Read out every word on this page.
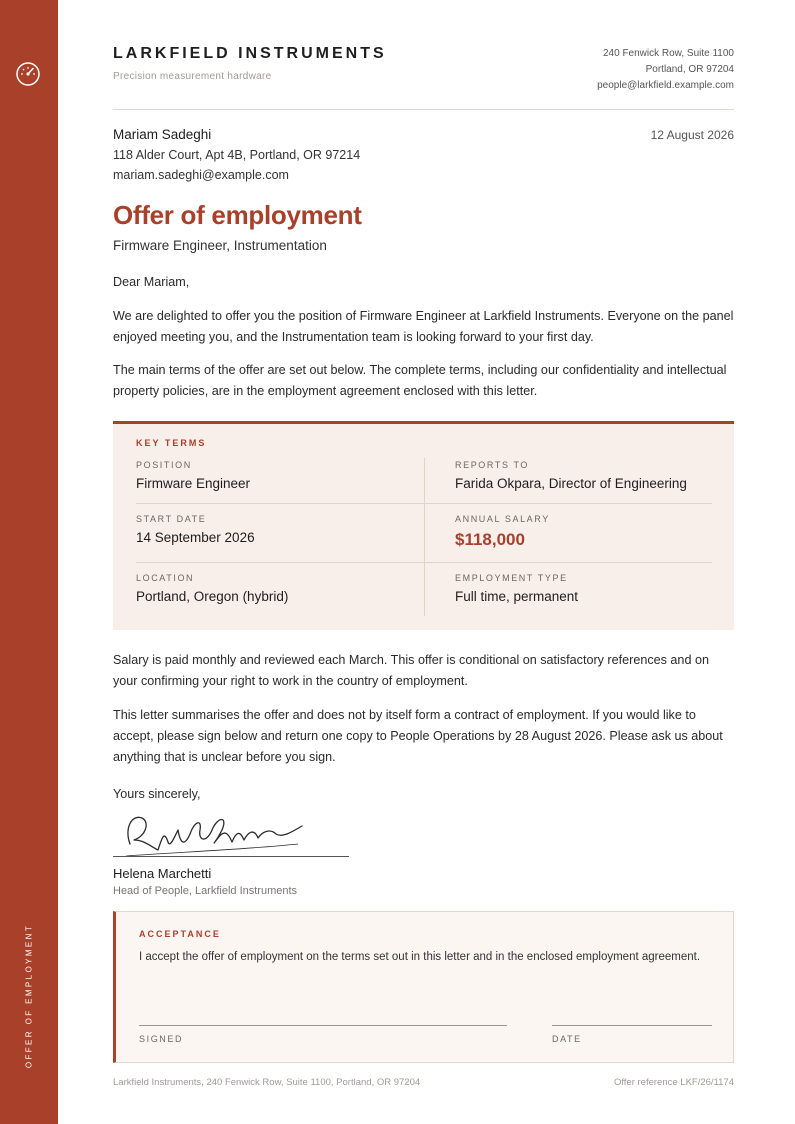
OFFER OF EMPLOYMENT
LARKFIELD INSTRUMENTS
Precision measurement hardware
240 Fenwick Row, Suite 1100
Portland, OR 97204
people@larkfield.example.com
Mariam Sadeghi
118 Alder Court, Apt 4B, Portland, OR 97214
mariam.sadeghi@example.com
12 August 2026
Offer of employment
Firmware Engineer, Instrumentation
Dear Mariam,
We are delighted to offer you the position of Firmware Engineer at Larkfield Instruments. Everyone on the panel enjoyed meeting you, and the Instrumentation team is looking forward to your first day.
The main terms of the offer are set out below. The complete terms, including our confidentiality and intellectual property policies, are in the employment agreement enclosed with this letter.
KEY TERMS
POSITION
Firmware Engineer
REPORTS TO
Farida Okpara, Director of Engineering
START DATE
14 September 2026
ANNUAL SALARY
$118,000
LOCATION
Portland, Oregon (hybrid)
EMPLOYMENT TYPE
Full time, permanent
Salary is paid monthly and reviewed each March. This offer is conditional on satisfactory references and on your confirming your right to work in the country of employment.
This letter summarises the offer and does not by itself form a contract of employment. If you would like to accept, please sign below and return one copy to People Operations by 28 August 2026. Please ask us about anything that is unclear before you sign.
Yours sincerely,
Helena Marchetti
Head of People, Larkfield Instruments
ACCEPTANCE
I accept the offer of employment on the terms set out in this letter and in the enclosed employment agreement.
SIGNED	DATE
Larkfield Instruments, 240 Fenwick Row, Suite 1100, Portland, OR 97204	Offer reference LKF/26/1174
